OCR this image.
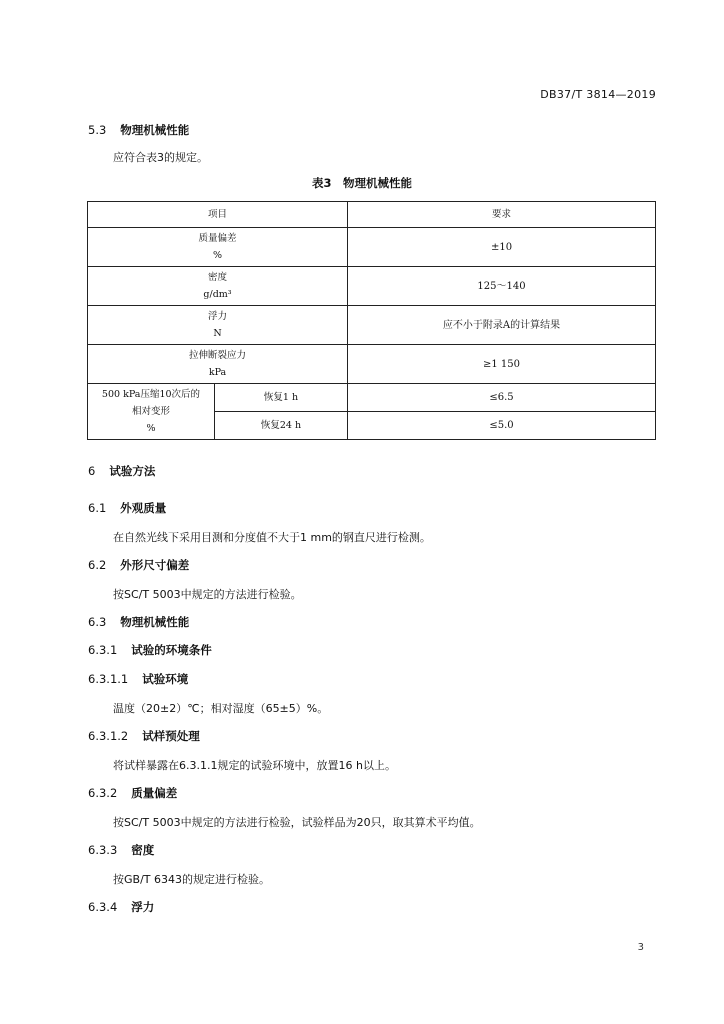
DB37/T 3814—2019
5.3 物理机械性能
应符合表3的规定。
表3　物理机械性能
项目		要求

质量偏差
%		±10

密度
g/dm³		125～140

浮力
N		应不小于附录A的计算结果

拉伸断裂应力
kPa		≥1 150

500 kPa压缩10次后的
相对变形
%	恢复1 h	≤6.5
	恢复24 h	≤5.0
6 试验方法
6.1 外观质量
在自然光线下采用目测和分度值不大于1 mm的钢直尺进行检测。
6.2 外形尺寸偏差
按SC/T 5003中规定的方法进行检验。
6.3 物理机械性能
6.3.1 试验的环境条件
6.3.1.1 试验环境
温度（20±2）℃；相对湿度（65±5）%。
6.3.1.2 试样预处理
将试样暴露在6.3.1.1规定的试验环境中，放置16 h以上。
6.3.2 质量偏差
按SC/T 5003中规定的方法进行检验，试验样品为20只，取其算术平均值。
6.3.3 密度
按GB/T 6343的规定进行检验。
6.3.4 浮力
3
